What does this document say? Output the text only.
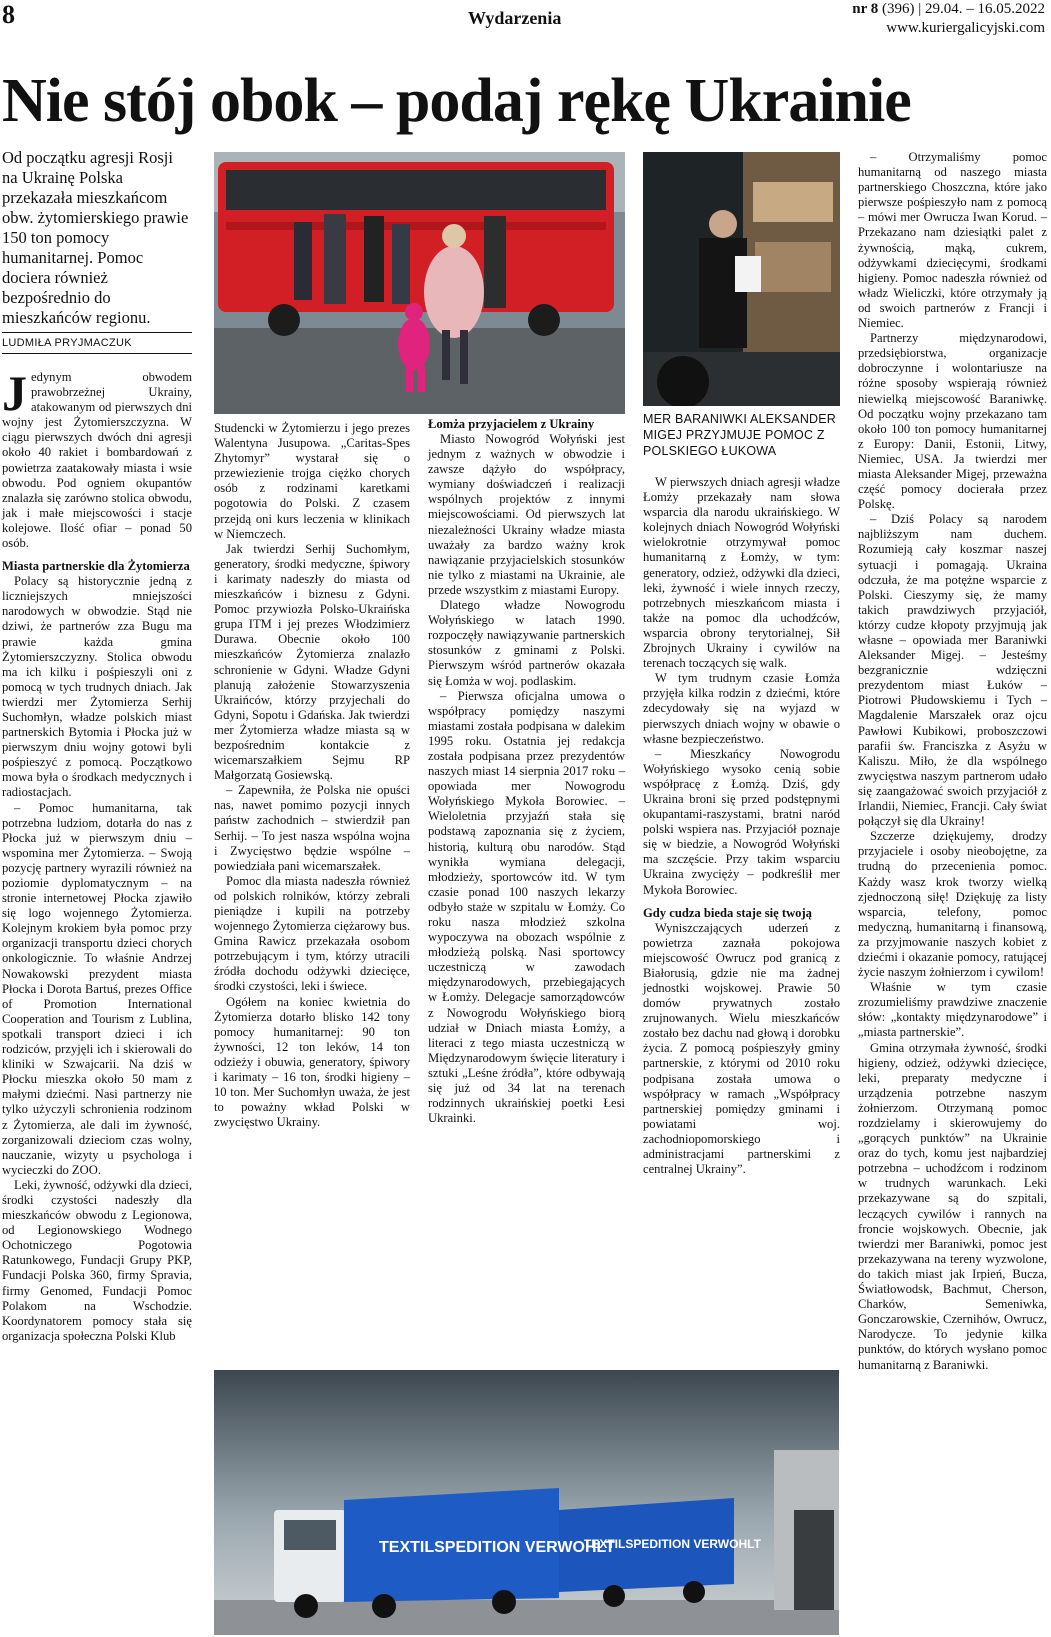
8	Wydarzenia	nr 8 (396) | 29.04. – 16.05.2022
www.kuriergalicyjski.com
Nie stój obok – podaj rękę Ukrainie
Od początku agresji Rosji na Ukrainę Polska przekazała mieszkańcom obw. żytomierskiego prawie 150 ton pomocy humanitarnej. Pomoc dociera również bezpośrednio do mieszkańców regionu.
LUDMIŁA PRYJMACZUK
MER BARANIWKI ALEKSANDER MIGEJ PRZYJMUJE POMOC Z POLSKIEGO ŁUKOWA
TEXTILSPEDITION VERWOHLT
TEXTILSPEDITION VERWOHLT

Jedynym obwodem prawobrzeżnej Ukrainy, atakowanym od pierwszych dni wojny jest Żytomierszczyzna. W ciągu pierwszych dwóch dni agresji około 40 rakiet i bombardowań z powietrza zaatakowały miasta i wsie obwodu. Pod ogniem okupantów znalazła się zarówno stolica obwodu, jak i małe miejscowości i stacje kolejowe. Ilość ofiar – ponad 50 osób.

Miasta partnerskie dla Żytomierza

Polacy są historycznie jedną z liczniejszych mniejszości narodowych w obwodzie. Stąd nie dziwi, że partnerów zza Bugu ma prawie każda gmina Żytomierszczyzny. Stolica obwodu ma ich kilku i pośpieszyli oni z pomocą w tych trudnych dniach. Jak twierdzi mer Żytomierza Serhij Suchomłyn, władze polskich miast partnerskich Bytomia i Płocka już w pierwszym dniu wojny gotowi byli pośpieszyć z pomocą. Początkowo mowa była o środkach medycznych i radiostacjach.

– Pomoc humanitarna, tak potrzebna ludziom, dotarła do nas z Płocka już w pierwszym dniu – wspomina mer Żytomierza. – Swoją pozycję partnery wyrazili również na poziomie dyplomatycznym – na stronie internetowej Płocka zjawiło się logo wojennego Żytomierza. Kolejnym krokiem była pomoc przy organizacji transportu dzieci chorych onkologicznie. To właśnie Andrzej Nowakowski prezydent miasta Płocka i Dorota Bartuś, prezes Office of Promotion International Cooperation and Tourism z Lublina, spotkali transport dzieci i ich rodziców, przyjęli ich i skierowali do kliniki w Szwajcarii. Na dziś w Płocku mieszka około 50 mam z małymi dziećmi. Nasi partnerzy nie tylko użyczyli schronienia rodzinom z Żytomierza, ale dali im żywność, zorganizowali dzieciom czas wolny, nauczanie, wizyty u psychologa i wycieczki do ZOO.

Leki, żywność, odżywki dla dzieci, środki czystości nadeszły dla mieszkańców obwodu z Legionowa, od Legionowskiego Wodnego Ochotniczego Pogotowia Ratunkowego, Fundacji Grupy PKP, Fundacji Polska 360, firmy Spravia, firmy Genomed, Fundacji Pomoc Polakom na Wschodzie. Koordynatorem pomocy stała się organizacja społeczna Polski Klub

Studencki w Żytomierzu i jego prezes Walentyna Jusupowa. „Caritas-Spes Zhytomyr” wystarał się o przewiezienie trojga ciężko chorych osób z rodzinami karetkami pogotowia do Polski. Z czasem przejdą oni kurs leczenia w klinikach w Niemczech.

Jak twierdzi Serhij Suchomłym, generatory, środki medyczne, śpiwory i karimaty nadeszły do miasta od mieszkańców i biznesu z Gdyni. Pomoc przywiozła Polsko-Ukraińska grupa ITM i jej prezes Włodzimierz Durawa. Obecnie około 100 mieszkańców Żytomierza znalazło schronienie w Gdyni. Władze Gdyni planują założenie Stowarzyszenia Ukraińców, którzy przyjechali do Gdyni, Sopotu i Gdańska. Jak twierdzi mer Żytomierza władze miasta są w bezpośrednim kontakcie z wicemarszałkiem Sejmu RP Małgorzatą Gosiewską.

– Zapewniła, że Polska nie opuści nas, nawet pomimo pozycji innych państw zachodnich – stwierdził pan Serhij. – To jest nasza wspólna wojna i Zwycięstwo będzie wspólne – powiedziała pani wicemarszałek.

Pomoc dla miasta nadeszła również od polskich rolników, którzy zebrali pieniądze i kupili na potrzeby wojennego Żytomierza ciężarowy bus. Gmina Rawicz przekazała osobom potrzebującym i tym, którzy utracili źródła dochodu odżywki dziecięce, środki czystości, leki i świece.

Ogółem na koniec kwietnia do Żytomierza dotarło blisko 142 tony pomocy humanitarnej: 90 ton żywności, 12 ton leków, 14 ton odzieży i obuwia, generatory, śpiwory i karimaty – 16 ton, środki higieny – 10 ton. Mer Suchomłyn uważa, że jest to poważny wkład Polski w zwycięstwo Ukrainy.

Łomża przyjacielem z Ukrainy

Miasto Nowogród Wołyński jest jednym z ważnych w obwodzie i zawsze dążyło do współpracy, wymiany doświadczeń i realizacji wspólnych projektów z innymi miejscowościami. Od pierwszych lat niezależności Ukrainy władze miasta uważały za bardzo ważny krok nawiązanie przyjacielskich stosunków nie tylko z miastami na Ukrainie, ale przede wszystkim z miastami Europy.

Dlatego władze Nowogrodu Wołyńskiego w latach 1990. rozpoczęły nawiązywanie partnerskich stosunków z gminami z Polski. Pierwszym wśród partnerów okazała się Łomża w woj. podlaskim.

– Pierwsza oficjalna umowa o współpracy pomiędzy naszymi miastami została podpisana w dalekim 1995 roku. Ostatnia jej redakcja została podpisana przez prezydentów naszych miast 14 sierpnia 2017 roku – opowiada mer Nowogrodu Wołyńskiego Mykoła Borowiec. – Wieloletnia przyjaźń stała się podstawą zapoznania się z życiem, historią, kulturą obu narodów. Stąd wynikła wymiana delegacji, młodzieży, sportowców itd. W tym czasie ponad 100 naszych lekarzy odbyło staże w szpitalu w Łomży. Co roku nasza młodzież szkolna wypoczywa na obozach wspólnie z młodzieżą polską. Nasi sportowcy uczestniczą w zawodach międzynarodowych, przebiegających w Łomży. Delegacje samorządowców z Nowogrodu Wołyńskiego biorą udział w Dniach miasta Łomży, a literaci z tego miasta uczestniczą w Międzynarodowym święcie literatury i sztuki „Leśne źródła”, które odbywają się już od 34 lat na terenach rodzinnych ukraińskiej poetki Łesi Ukrainki.

W pierwszych dniach agresji władze Łomży przekazały nam słowa wsparcia dla narodu ukraińskiego. W kolejnych dniach Nowogród Wołyński wielokrotnie otrzymywał pomoc humanitarną z Łomży, w tym: generatory, odzież, odżywki dla dzieci, leki, żywność i wiele innych rzeczy, potrzebnych mieszkańcom miasta i także na pomoc dla uchodźców, wsparcia obrony terytorialnej, Sił Zbrojnych Ukrainy i cywilów na terenach toczących się walk.

W tym trudnym czasie Łomża przyjęła kilka rodzin z dziećmi, które zdecydowały się na wyjazd w pierwszych dniach wojny w obawie o własne bezpieczeństwo.

– Mieszkańcy Nowogrodu Wołyńskiego wysoko cenią sobie współpracę z Łomżą. Dziś, gdy Ukraina broni się przed podstępnymi okupantami-raszystami, bratni naród polski wspiera nas. Przyjaciół poznaje się w biedzie, a Nowogród Wołyński ma szczęście. Przy takim wsparciu Ukraina zwycięży – podkreślił mer Mykoła Borowiec.

Gdy cudza bieda staje się twoją

Wyniszczających uderzeń z powietrza zaznała pokojowa miejscowość Owrucz pod granicą z Białorusią, gdzie nie ma żadnej jednostki wojskowej. Prawie 50 domów prywatnych zostało zrujnowanych. Wielu mieszkańców zostało bez dachu nad głową i dorobku życia. Z pomocą pośpieszyły gminy partnerskie, z którymi od 2010 roku podpisana została umowa o współpracy w ramach „Współpracy partnerskiej pomiędzy gminami i powiatami woj. zachodniopomorskiego i administracjami partnerskimi z centralnej Ukrainy”.

– Otrzymaliśmy pomoc humanitarną od naszego miasta partnerskiego Choszczna, które jako pierwsze pośpieszyło nam z pomocą – mówi mer Owrucza Iwan Korud. – Przekazano nam dziesiątki palet z żywnością, mąką, cukrem, odżywkami dziecięcymi, środkami higieny. Pomoc nadeszła również od władz Wieliczki, które otrzymały ją od swoich partnerów z Francji i Niemiec.

Partnerzy międzynarodowi, przedsiębiorstwa, organizacje dobroczynne i wolontariusze na różne sposoby wspierają również niewielką miejscowość Baraniwkę. Od początku wojny przekazano tam około 100 ton pomocy humanitarnej z Europy: Danii, Estonii, Litwy, Niemiec, USA. Ja twierdzi mer miasta Aleksander Migej, przeważna część pomocy docierała przez Polskę.

– Dziś Polacy są narodem najbliższym nam duchem. Rozumieją cały koszmar naszej sytuacji i pomagają. Ukraina odczuła, że ma potężne wsparcie z Polski. Cieszymy się, że mamy takich prawdziwych przyjaciół, którzy cudze kłopoty przyjmują jak własne – opowiada mer Baraniwki Aleksander Migej. – Jesteśmy bezgranicznie wdzięczni prezydentom miast Łuków – Piotrowi Płudowskiemu i Tych – Magdalenie Marszałek oraz ojcu Pawłowi Kubikowi, proboszczowi parafii św. Franciszka z Asyżu w Kaliszu. Miło, że dla wspólnego zwycięstwa naszym partnerom udało się zaangażować swoich przyjaciół z Irlandii, Niemiec, Francji. Cały świat połączył się dla Ukrainy!

Szczerze dziękujemy, drodzy przyjaciele i osoby nieobojętne, za trudną do przecenienia pomoc. Każdy wasz krok tworzy wielką zjednoczoną siłę! Dziękuję za listy wsparcia, telefony, pomoc medyczną, humanitarną i finansową, za przyjmowanie naszych kobiet z dziećmi i okazanie pomocy, ratującej życie naszym żołnierzom i cywilom!

Właśnie w tym czasie zrozumieliśmy prawdziwe znaczenie słów: „kontakty międzynarodowe” i „miasta partnerskie”.

Gmina otrzymała żywność, środki higieny, odzież, odżywki dziecięce, leki, preparaty medyczne i urządzenia potrzebne naszym żołnierzom. Otrzymaną pomoc rozdzielamy i skierowujemy do „gorących punktów” na Ukrainie oraz do tych, komu jest najbardziej potrzebna – uchodźcom i rodzinom w trudnych warunkach. Leki przekazywane są do szpitali, leczących cywilów i rannych na froncie wojskowych. Obecnie, jak twierdzi mer Baraniwki, pomoc jest przekazywana na tereny wyzwolone, do takich miast jak Irpień, Bucza, Światłowodsk, Bachmut, Cherson, Charków, Semeniwka, Gonczarowskie, Czernihów, Owrucz, Narodycze. To jedynie kilka punktów, do których wysłano pomoc humanitarną z Baraniwki.
